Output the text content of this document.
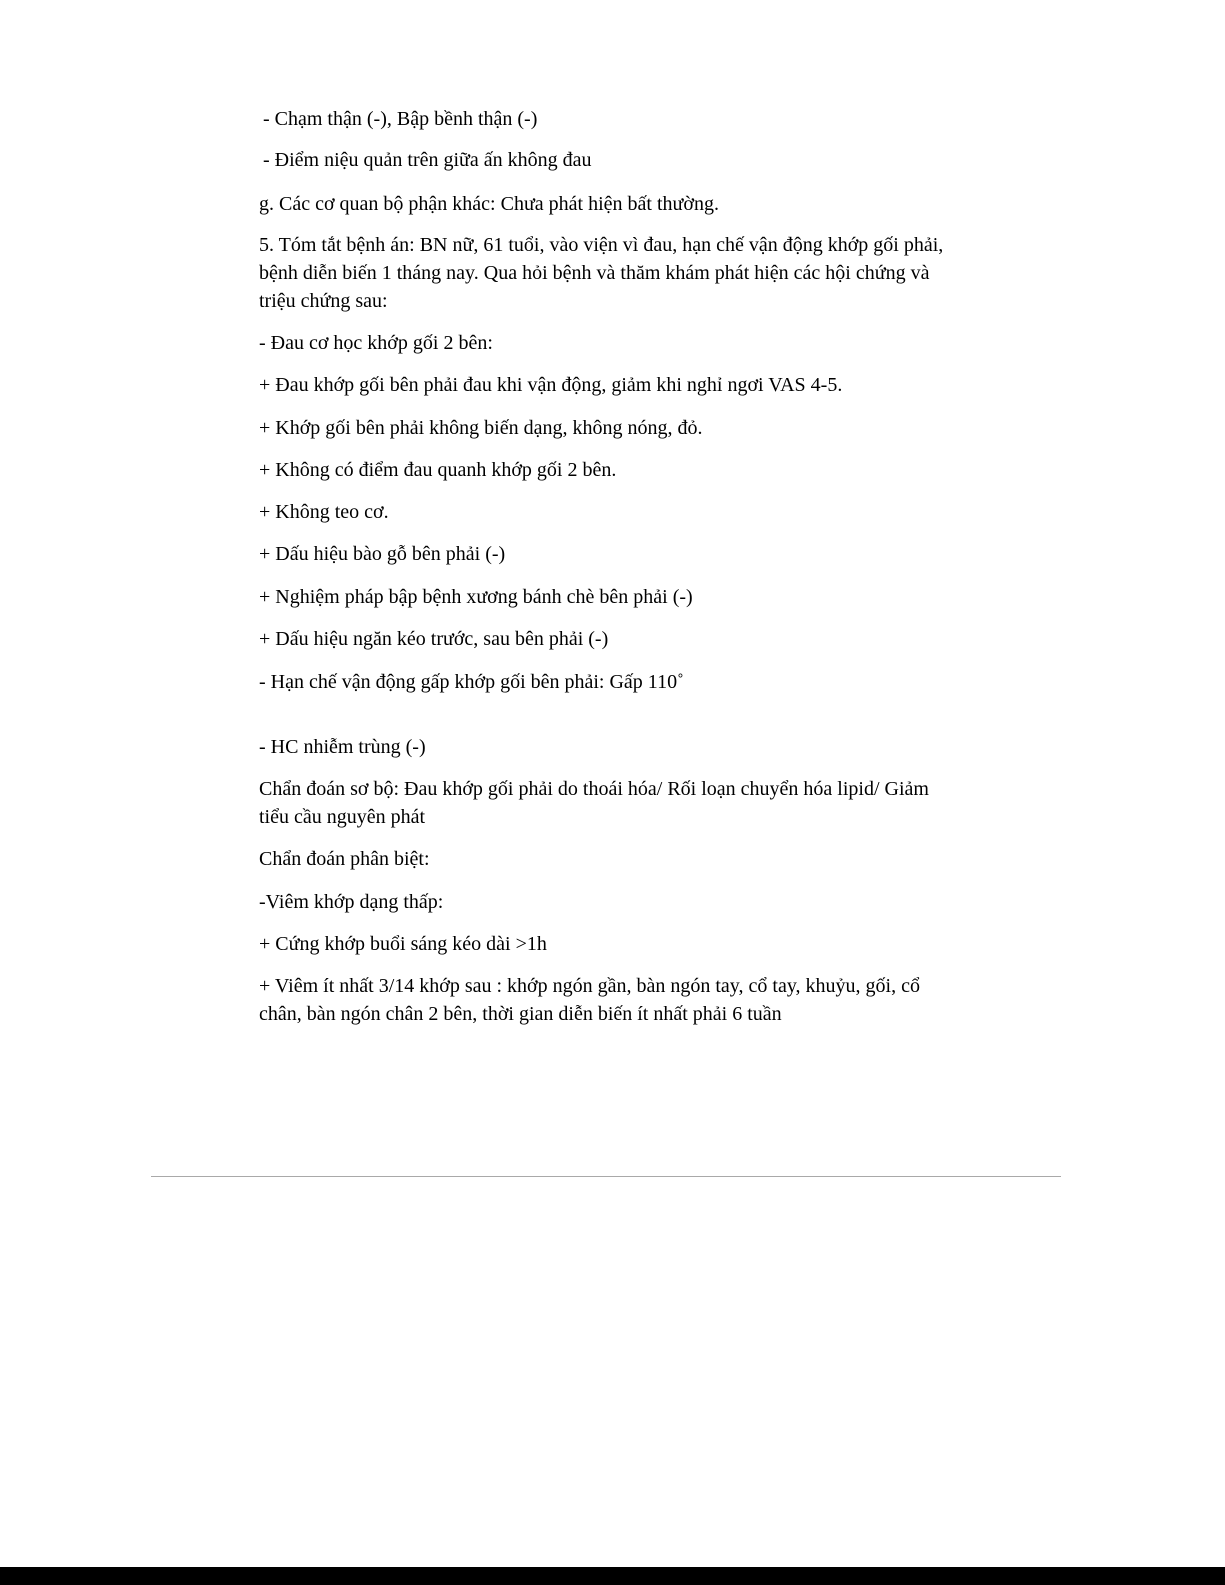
- Chạm thận (-), Bập bềnh thận (-)
- Điểm niệu quản trên giữa ấn không đau
g. Các cơ quan bộ phận khác: Chưa phát hiện bất thường.
5. Tóm tắt bệnh án: BN nữ, 61 tuổi, vào viện vì đau, hạn chế vận động khớp gối phải, bệnh diễn biến 1 tháng nay. Qua hỏi bệnh và thăm khám phát hiện các hội chứng và triệu chứng sau:
- Đau cơ học khớp gối 2 bên:
+ Đau khớp gối bên phải đau khi vận động, giảm khi nghỉ ngơi VAS 4-5.
+ Khớp gối bên phải không biến dạng, không nóng, đỏ.
+ Không có điểm đau quanh khớp gối 2 bên.
+ Không teo cơ.
+ Dấu hiệu bào gỗ bên phải (-)
+ Nghiệm pháp bập bệnh xương bánh chè bên phải (-)
+ Dấu hiệu ngăn kéo trước, sau bên phải (-)
- Hạn chế vận động gấp khớp gối bên phải: Gấp 110˚
- HC nhiễm trùng (-)
Chẩn đoán sơ bộ: Đau khớp gối phải do thoái hóa/ Rối loạn chuyển hóa lipid/ Giảm tiểu cầu nguyên phát
Chẩn đoán phân biệt:
-Viêm khớp dạng thấp:
+ Cứng khớp buổi sáng kéo dài >1h
+ Viêm ít nhất 3/14 khớp sau : khớp ngón gần, bàn ngón tay, cổ tay, khuỷu, gối, cổ chân, bàn ngón chân 2 bên, thời gian diễn biến ít nhất phải 6 tuần
